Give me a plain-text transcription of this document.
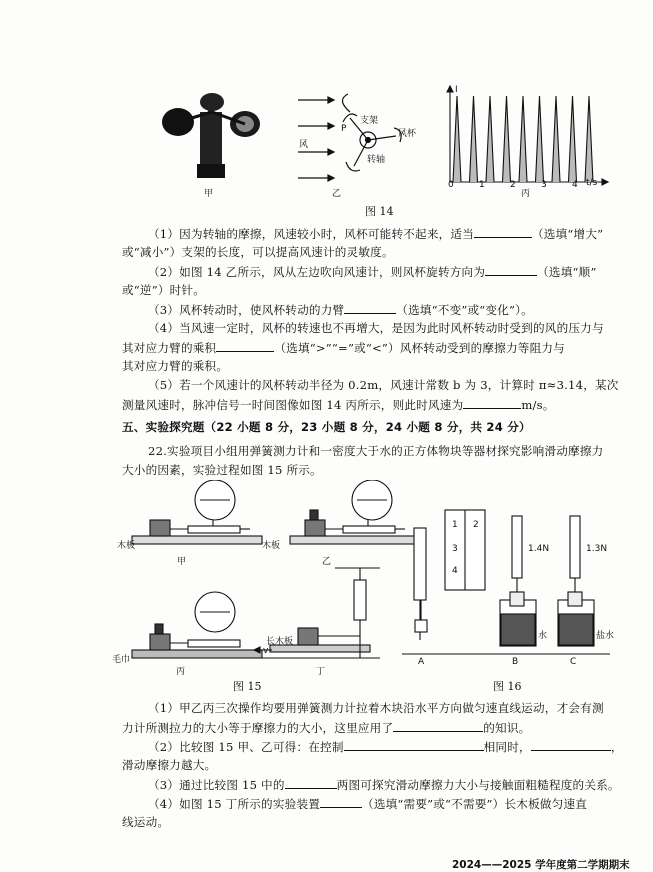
风
支架
风杯
转轴
P
I
t/s
0	1	2	3	4
甲	乙	丙
图 14
（1）因为转轴的摩擦，风速较小时，风杯可能转不起来，适当	（选填“增大”
或“减小”）支架的长度，可以提高风速计的灵敏度。
（2）如图 14 乙所示，风从左边吹向风速计，则风杯旋转方向为	（选填“顺”
或“逆”）时针。
（3）风杯转动时，使风杯转动的力臂	（选填“不变”或“变化”）。
（4）当风速一定时，风杯的转速也不再增大，是因为此时风杯转动时受到的风的压力与
其对应力臂的乘积	（选填“>”“=”或“<”）风杯转动受到的摩擦力等阻力与
其对应力臂的乘积。
（5）若一个风速计的风杯转动半径为 0.2m，风速计常数 b 为 3，计算时 π≈3.14，某次
测量风速时，脉冲信号一时间图像如图 14 丙所示，则此时风速为	m/s。
五、实验探究题（22 小题 8 分，23 小题 8 分，24 小题 8 分，共 24 分）
22.实验项目小组用弹簧测力计和一密度大于水的正方体物块等器材探究影响滑动摩擦力
大小的因素，实验过程如图 15 所示。
木板	木板
毛巾
长木板
v
甲	乙
丙	丁
图 15
1 2
3
4
1.4N	1.3N
水	盐水
A	B	C
图 16
（1）甲乙丙三次操作均要用弹簧测力计拉着木块沿水平方向做匀速直线运动，才会有测
力计所测拉力的大小等于摩擦力的大小，这里应用了	的知识。
（2）比较图 15 甲、乙可得：在控制	相同时，	，
滑动摩擦力越大。
（3）通过比较图 15 中的	两图可探究滑动摩擦力大小与接触面粗糙程度的关系。
（4）如图 15 丁所示的实验装置	（选填“需要”或“不需要”）长木板做匀速直
线运动。
2024——2025 学年度第二学期期末
